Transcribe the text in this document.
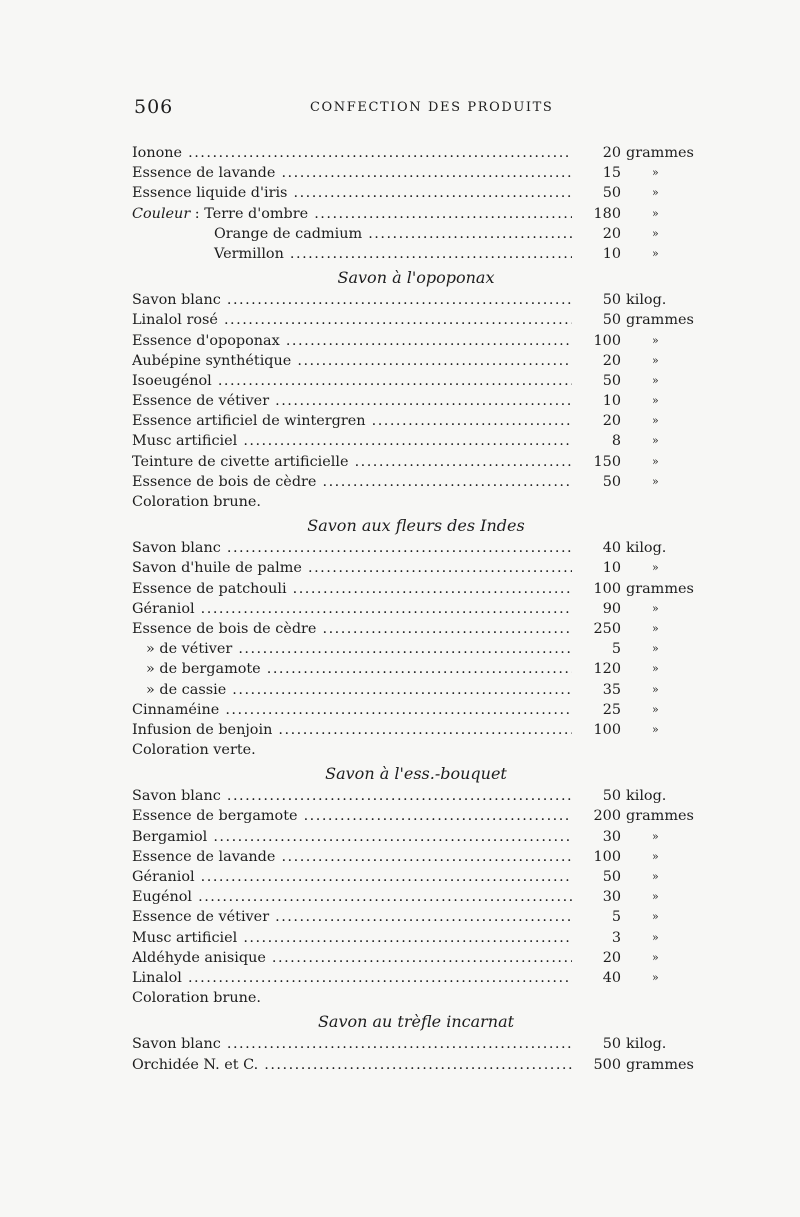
506	CONFECTION DES PRODUITS
Ionone .....	20 grammes
Essence de lavande .....	15	»
Essence liquide d'iris .....	50	»
Couleur : Terre d'ombre .....	180	»
Orange de cadmium .....	20	»
Vermillon .....	10	»
Savon à l'opoponax
Savon blanc .....	50 kilog.
Linalol rosé .....	50 grammes
Essence d'opoponax .....	100	»
Aubépine synthétique .....	20	»
Isoeugénol .....	50	»
Essence de vétiver .....	10	»
Essence artificiel de wintergren .....	20	»
Musc artificiel .....	8	»
Teinture de civette artificielle .....	150	»
Essence de bois de cèdre .....	50	»
Coloration brune.
Savon aux fleurs des Indes
Savon blanc .....	40 kilog.
Savon d'huile de palme .....	10	»
Essence de patchouli .....	100 grammes
Géraniol .....	90	»
Essence de bois de cèdre .....	250	»
» de vétiver .....	5	»
» de bergamote .....	120	»
» de cassie .....	35	»
Cinnaméine .....	25	»
Infusion de benjoin .....	100	»
Coloration verte.
Savon à l'ess.-bouquet
Savon blanc .....	50 kilog.
Essence de bergamote .....	200 grammes
Bergamiol .....	30	»
Essence de lavande .....	100	»
Géraniol .....	50	»
Eugénol .....	30	»
Essence de vétiver .....	5	»
Musc artificiel .....	3	»
Aldéhyde anisique .....	20	»
Linalol .....	40	»
Coloration brune.
Savon au trèfle incarnat
Savon blanc .....	50 kilog.
Orchidée N. et C. .....	500 grammes
